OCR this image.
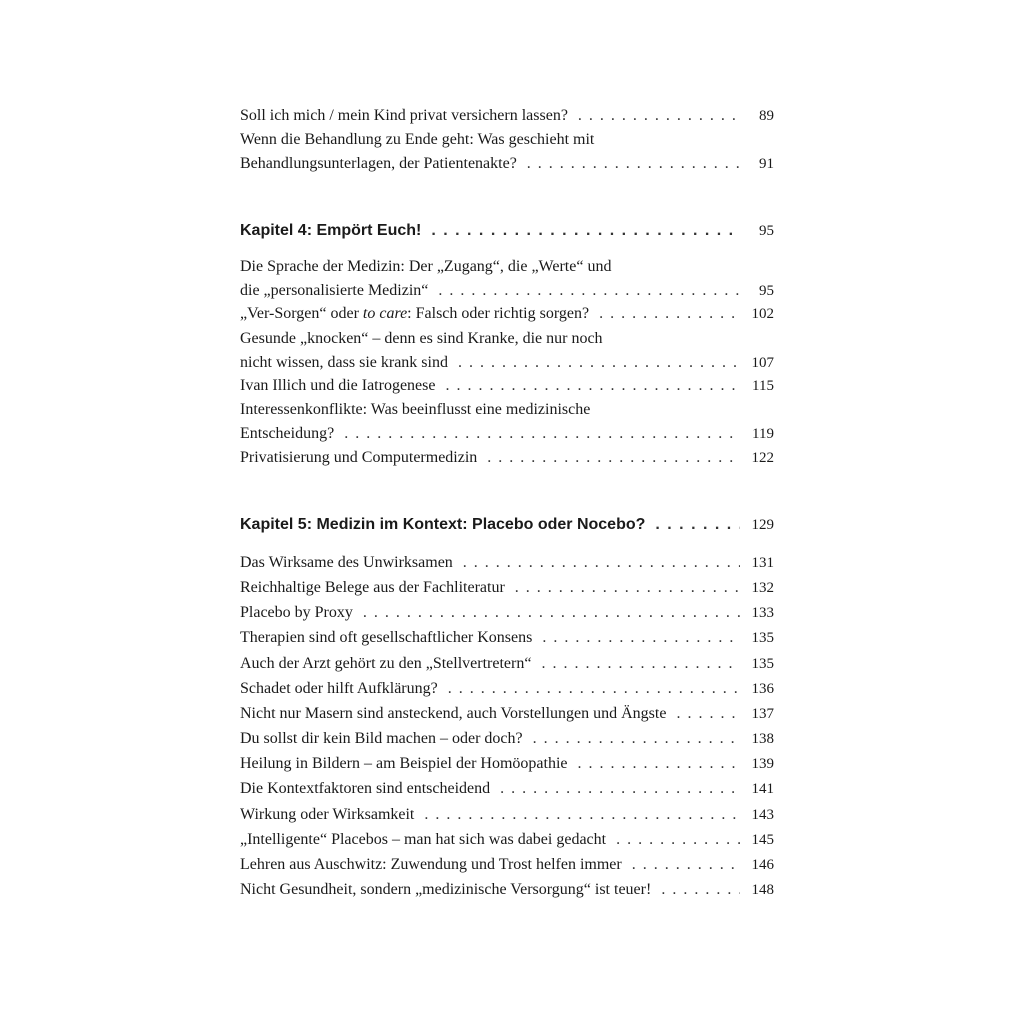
Soll ich mich / mein Kind privat versichern lassen? . . .	89
Wenn die Behandlung zu Ende geht: Was geschieht mit
Behandlungsunterlagen, der Patientenakte? . . .	91
Kapitel 4: Empört Euch! . . .	95
Die Sprache der Medizin: Der „Zugang“, die „Werte“ und
die „personalisierte Medizin“ . . .	95
„Ver-Sorgen“ oder to care: Falsch oder richtig sorgen? . . .	102
Gesunde „knocken“ – denn es sind Kranke, die nur noch
nicht wissen, dass sie krank sind . . .	107
Ivan Illich und die Iatrogenese . . .	115
Interessenkonflikte: Was beeinflusst eine medizinische
Entscheidung? . . .	119
Privatisierung und Computermedizin . . .	122
Kapitel 5: Medizin im Kontext: Placebo oder Nocebo? . . .	129
Das Wirksame des Unwirksamen . . .	131
Reichhaltige Belege aus der Fachliteratur . . .	132
Placebo by Proxy . . .	133
Therapien sind oft gesellschaftlicher Konsens . . .	135
Auch der Arzt gehört zu den „Stellvertretern“ . . .	135
Schadet oder hilft Aufklärung? . . .	136
Nicht nur Masern sind ansteckend, auch Vorstellungen und Ängste . . .	137
Du sollst dir kein Bild machen – oder doch? . . .	138
Heilung in Bildern – am Beispiel der Homöopathie . . .	139
Die Kontextfaktoren sind entscheidend . . .	141
Wirkung oder Wirksamkeit . . .	143
„Intelligente“ Placebos – man hat sich was dabei gedacht . . .	145
Lehren aus Auschwitz: Zuwendung und Trost helfen immer . . .	146
Nicht Gesundheit, sondern „medizinische Versorgung“ ist teuer! . . .	148
